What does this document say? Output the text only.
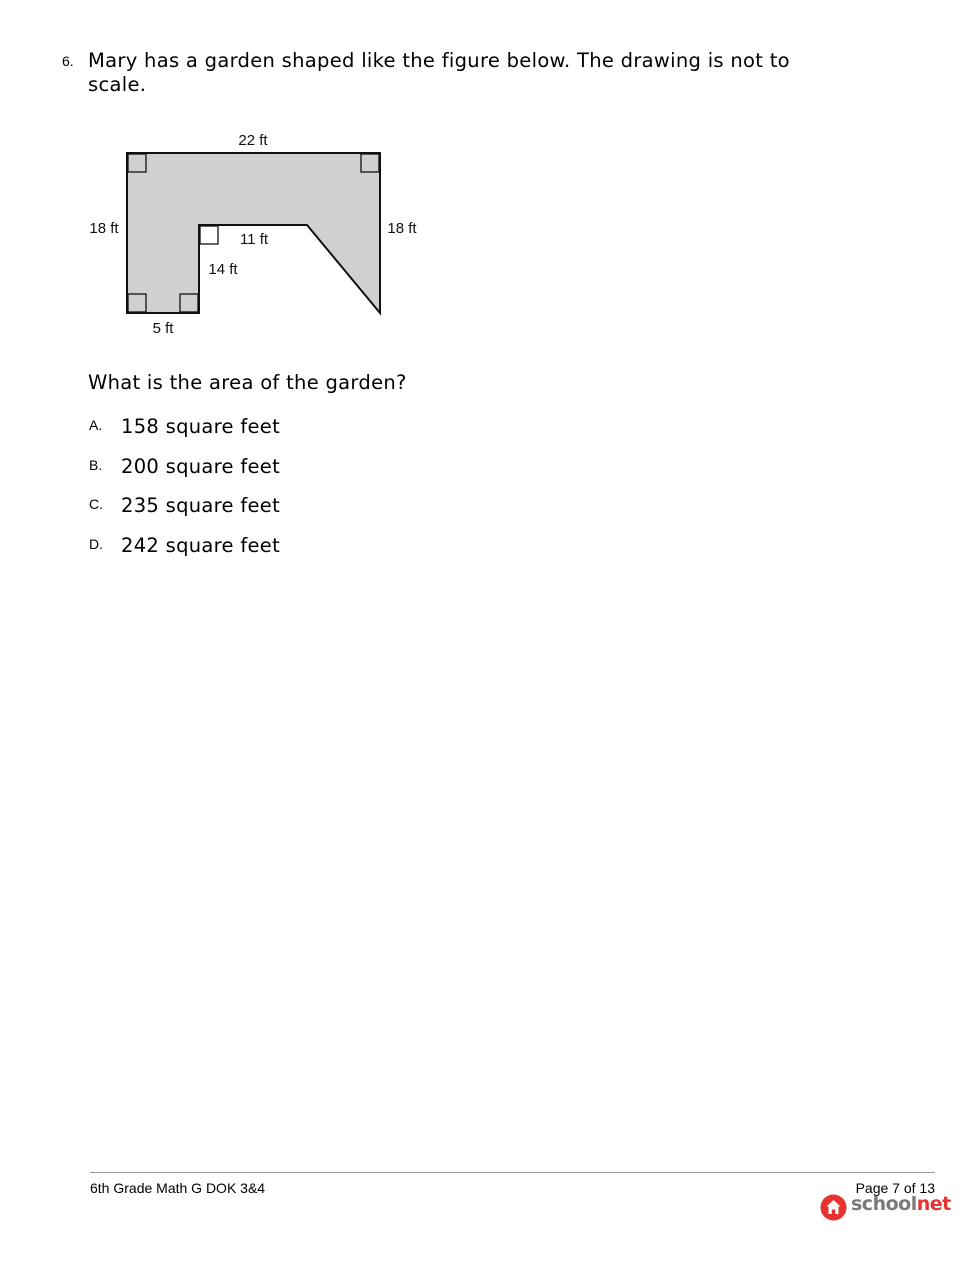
6. Mary has a garden shaped like the figure below. The drawing is not to scale.
22 ft
18 ft	18 ft
11 ft
14 ft
5 ft
What is the area of the garden?
A. 158 square feet
B. 200 square feet
C. 235 square feet
D. 242 square feet
6th Grade Math G DOK 3&4	Page 7 of 13
schoolnet
